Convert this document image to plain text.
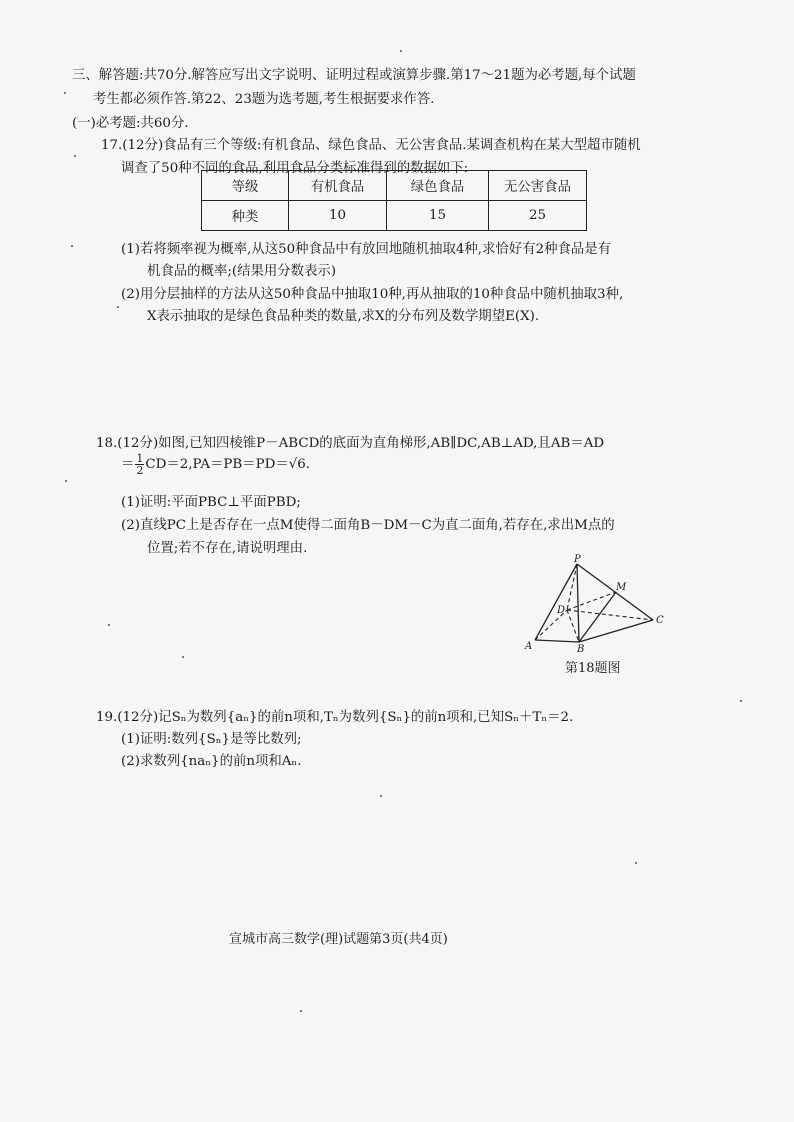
三、解答题:共70分.解答应写出文字说明、证明过程或演算步骤.第17～21题为必考题,每个试题
考生都必须作答.第22、23题为选考题,考生根据要求作答.
(一)必考题:共60分.
17.(12分)食品有三个等级:有机食品、绿色食品、无公害食品.某调查机构在某大型超市随机
调查了50种不同的食品,利用食品分类标准得到的数据如下:
等级	有机食品	绿色食品	无公害食品
种类	10	15	25
(1)若将频率视为概率,从这50种食品中有放回地随机抽取4种,求恰好有2种食品是有
机食品的概率;(结果用分数表示)
(2)用分层抽样的方法从这50种食品中抽取10种,再从抽取的10种食品中随机抽取3种,
X表示抽取的是绿色食品种类的数量,求X的分布列及数学期望E(X).
18.(12分)如图,已知四棱锥P－ABCD的底面为直角梯形,AB∥DC,AB⊥AD,且AB＝AD
＝ $\frac{1}{2} CD=2,PA=PB=PD=√6$.
(1)证明:平面PBC⊥平面PBD;
(2)直线PC上是否存在一点M使得二面角B－DM－C为直二面角,若存在,求出M点的
位置;若不存在,请说明理由.
P
M
D
C
A	B
第18题图
19.(12分)记Sₙ为数列{aₙ}的前n项和,Tₙ为数列{Sₙ}的前n项和,已知Sₙ＋Tₙ＝2.
(1)证明:数列{Sₙ}是等比数列;
(2)求数列{naₙ}的前n项和Aₙ.
宣城市高三数学(理)试题第3页(共4页)
